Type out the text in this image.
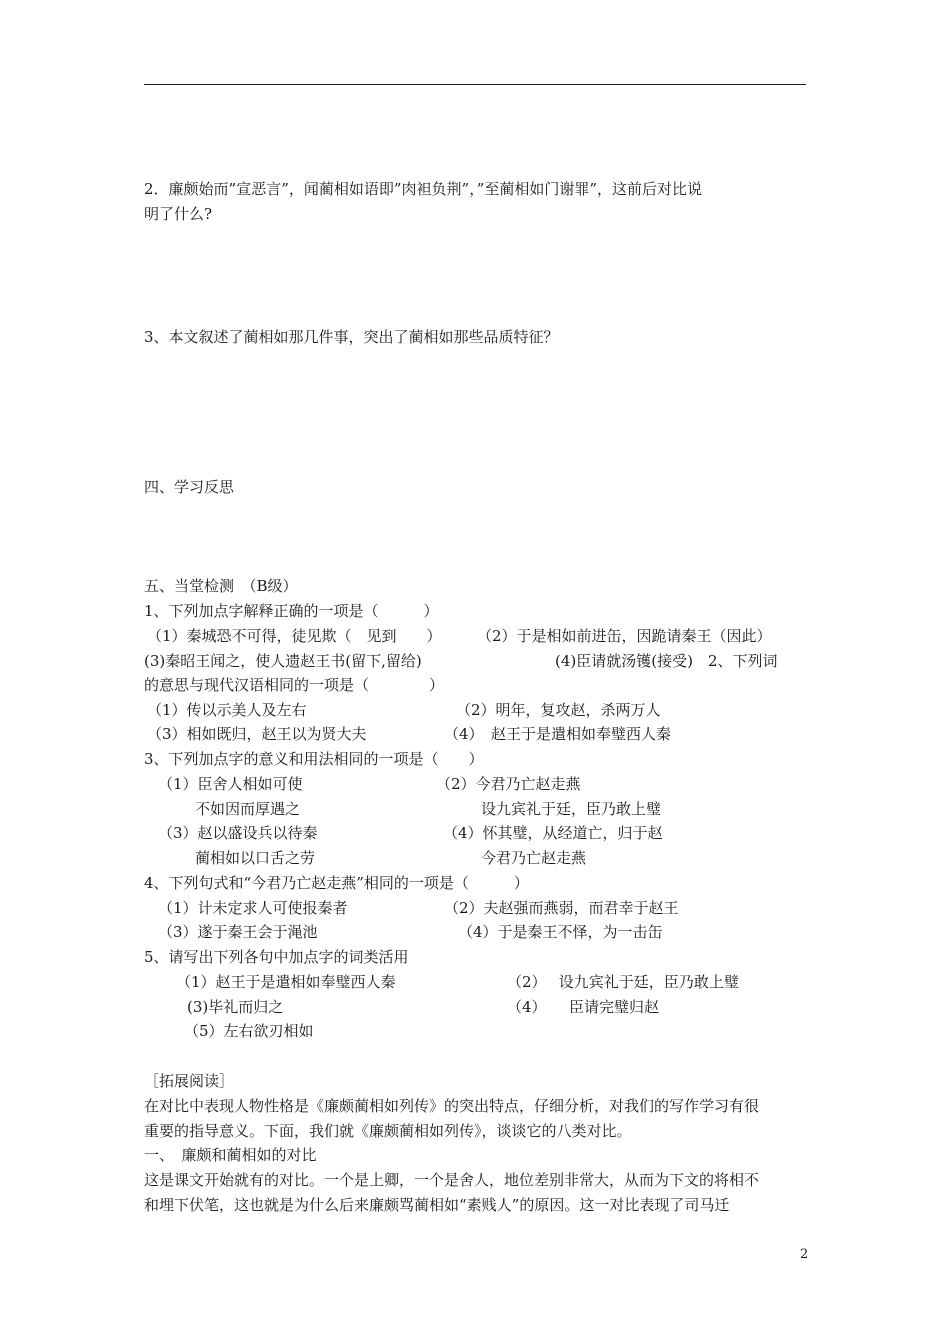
2．廉颇始而”宣恶言”，闻蔺相如语即”肉袒负荆”，”至蔺相如门谢罪”，这前后对比说
明了什么?
3、本文叙述了蔺相如那几件事，突出了蔺相如那些品质特征？
四、学习反思
五、当堂检测　（B级）
1、下列加点字解释正确的一项是（　　　）
（1）秦城恐不可得，徒见欺（　见到　　） （2）于是相如前进缶，因跪请秦王（因此）
(3)秦昭王闻之，使人遗赵王书(留下,留给)	(4)臣请就汤镬(接受)　2、下列词
的意思与现代汉语相同的一项是（　　　　）
（1）传以示美人及左右	（2）明年，复攻赵，杀两万人
（3）相如既归，赵王以为贤大夫	（4）　赵王于是遣相如奉璧西人秦
3、下列加点字的意义和用法相同的一项是（　　）
（1）臣舍人相如可使	（2）今君乃亡赵走燕
不如因而厚遇之	设九宾礼于廷，臣乃敢上璧
（3）赵以盛设兵以待秦	（4）怀其璧，从经道亡，归于赵
蔺相如以口舌之劳	今君乃亡赵走燕
4、下列句式和“今君乃亡赵走燕”相同的一项是（　　　）
（1）计未定求人可使报秦者	（2）夫赵强而燕弱，而君幸于赵王
（3）遂于秦王会于渑池	（4）于是秦王不怿，为一击缶
5、请写出下列各句中加点字的词类活用
（1）赵王于是遣相如奉璧西人秦	（2）　 设九宾礼于廷，臣乃敢上璧
(3)毕礼而归之	（4）　　臣请完璧归赵
（5）左右欲刃相如
［拓展阅读］
在对比中表现人物性格是《廉颇蔺相如列传》的突出特点，仔细分析，对我们的写作学习有很
重要的指导意义。下面，我们就《廉颇蔺相如列传》，谈谈它的八类对比。
一、　廉颇和蔺相如的对比
这是课文开始就有的对比。一个是上卿，一个是舍人，地位差别非常大，从而为下文的将相不
和埋下伏笔，这也就是为什么后来廉颇骂蔺相如“素贱人”的原因。这一对比表现了司马迁
2
